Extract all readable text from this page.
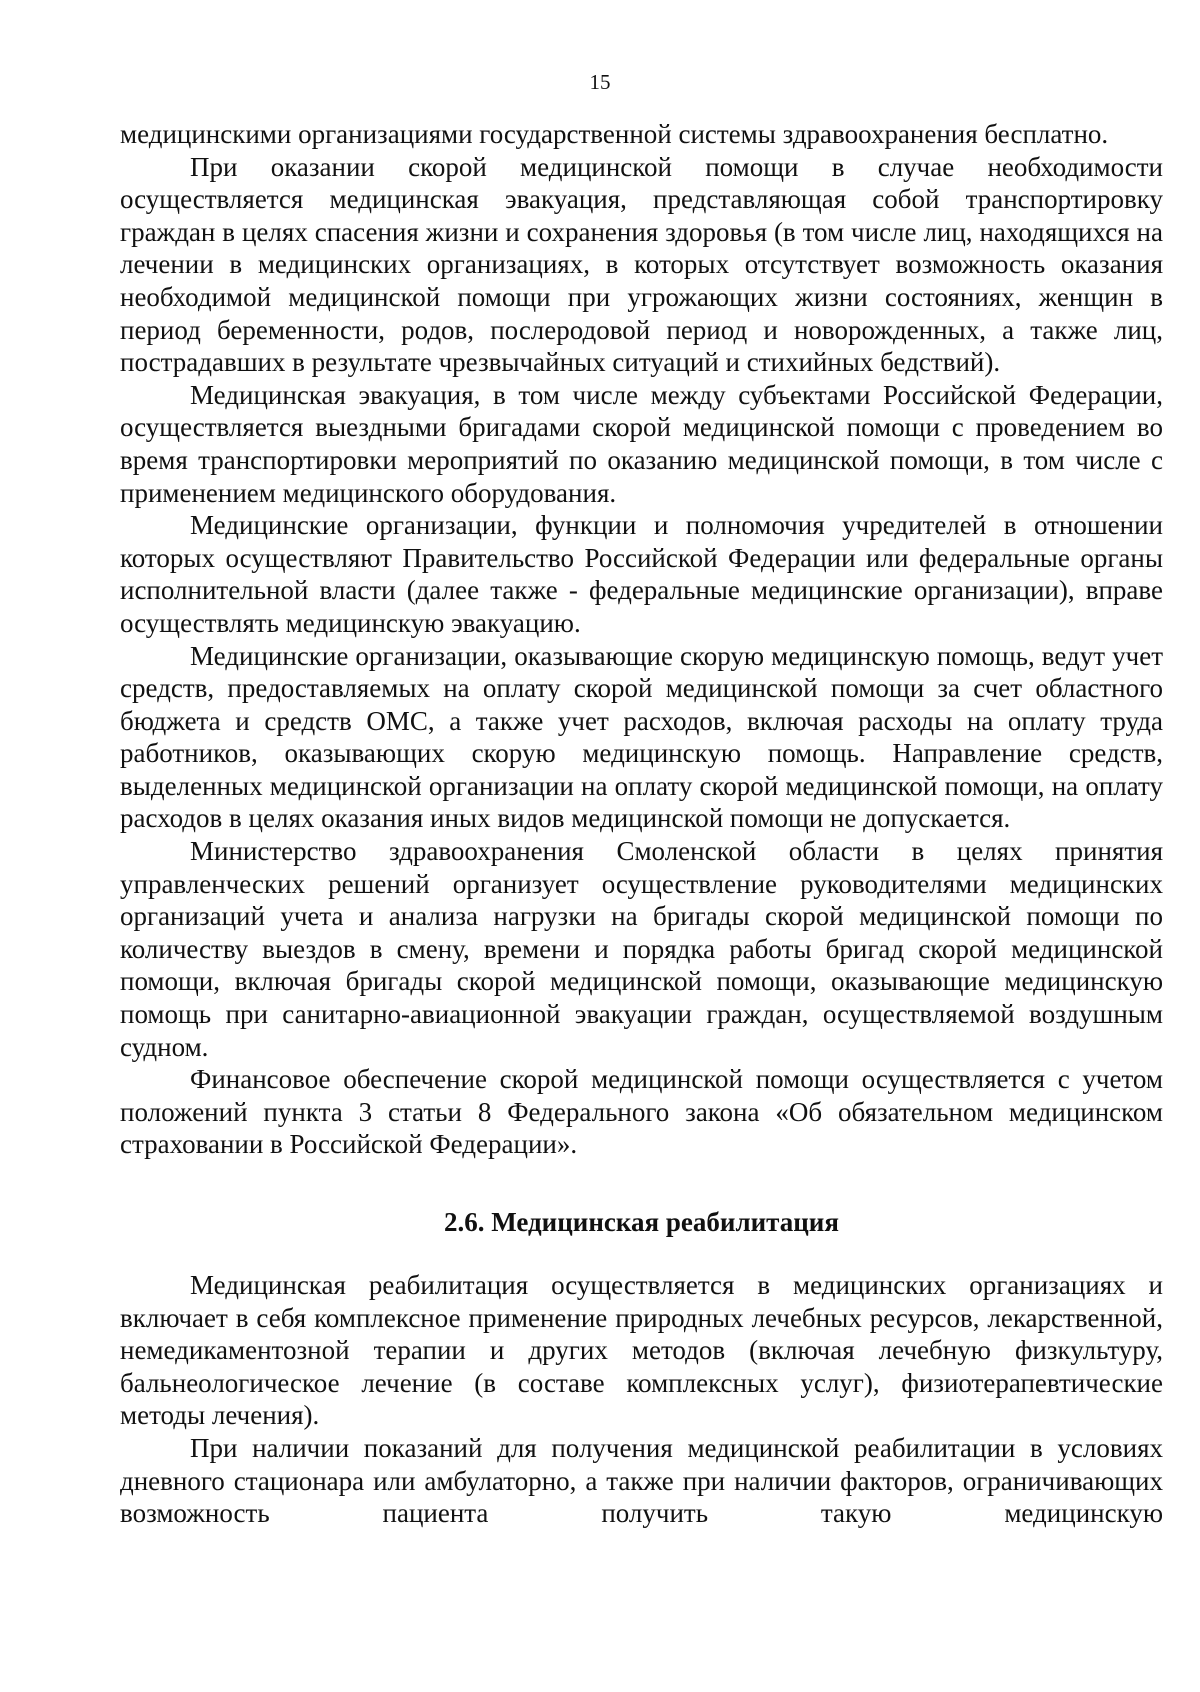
15

медицинскими организациями государственной системы здравоохранения бесплатно.

При оказании скорой медицинской помощи в случае необходимости осуществляется медицинская эвакуация, представляющая собой транспортировку граждан в целях спасения жизни и сохранения здоровья (в том числе лиц, находящихся на лечении в медицинских организациях, в которых отсутствует возможность оказания необходимой медицинской помощи при угрожающих жизни состояниях, женщин в период беременности, родов, послеродовой период и новорожденных, а также лиц, пострадавших в результате чрезвычайных ситуаций и стихийных бедствий).

Медицинская эвакуация, в том числе между субъектами Российской Федерации, осуществляется выездными бригадами скорой медицинской помощи с проведением во время транспортировки мероприятий по оказанию медицинской помощи, в том числе с применением медицинского оборудования.

Медицинские организации, функции и полномочия учредителей в отношении которых осуществляют Правительство Российской Федерации или федеральные органы исполнительной власти (далее также - федеральные медицинские организации), вправе осуществлять медицинскую эвакуацию.

Медицинские организации, оказывающие скорую медицинскую помощь, ведут учет средств, предоставляемых на оплату скорой медицинской помощи за счет областного бюджета и средств ОМС, а также учет расходов, включая расходы на оплату труда работников, оказывающих скорую медицинскую помощь. Направление средств, выделенных медицинской организации на оплату скорой медицинской помощи, на оплату расходов в целях оказания иных видов медицинской помощи не допускается.

Министерство здравоохранения Смоленской области в целях принятия управленческих решений организует осуществление руководителями медицинских организаций учета и анализа нагрузки на бригады скорой медицинской помощи по количеству выездов в смену, времени и порядка работы бригад скорой медицинской помощи, включая бригады скорой медицинской помощи, оказывающие медицинскую помощь при санитарно-авиационной эвакуации граждан, осуществляемой воздушным судном.

Финансовое обеспечение скорой медицинской помощи осуществляется с учетом положений пункта 3 статьи 8 Федерального закона «Об обязательном медицинском страховании в Российской Федерации».

2.6. Медицинская реабилитация

Медицинская реабилитация осуществляется в медицинских организациях и включает в себя комплексное применение природных лечебных ресурсов, лекарственной, немедикаментозной терапии и других методов (включая лечебную физкультуру, бальнеологическое лечение (в составе комплексных услуг), физиотерапевтические методы лечения).

При наличии показаний для получения медицинской реабилитации в условиях дневного стационара или амбулаторно, а также при наличии факторов, ограничивающих возможность пациента получить такую медицинскую
